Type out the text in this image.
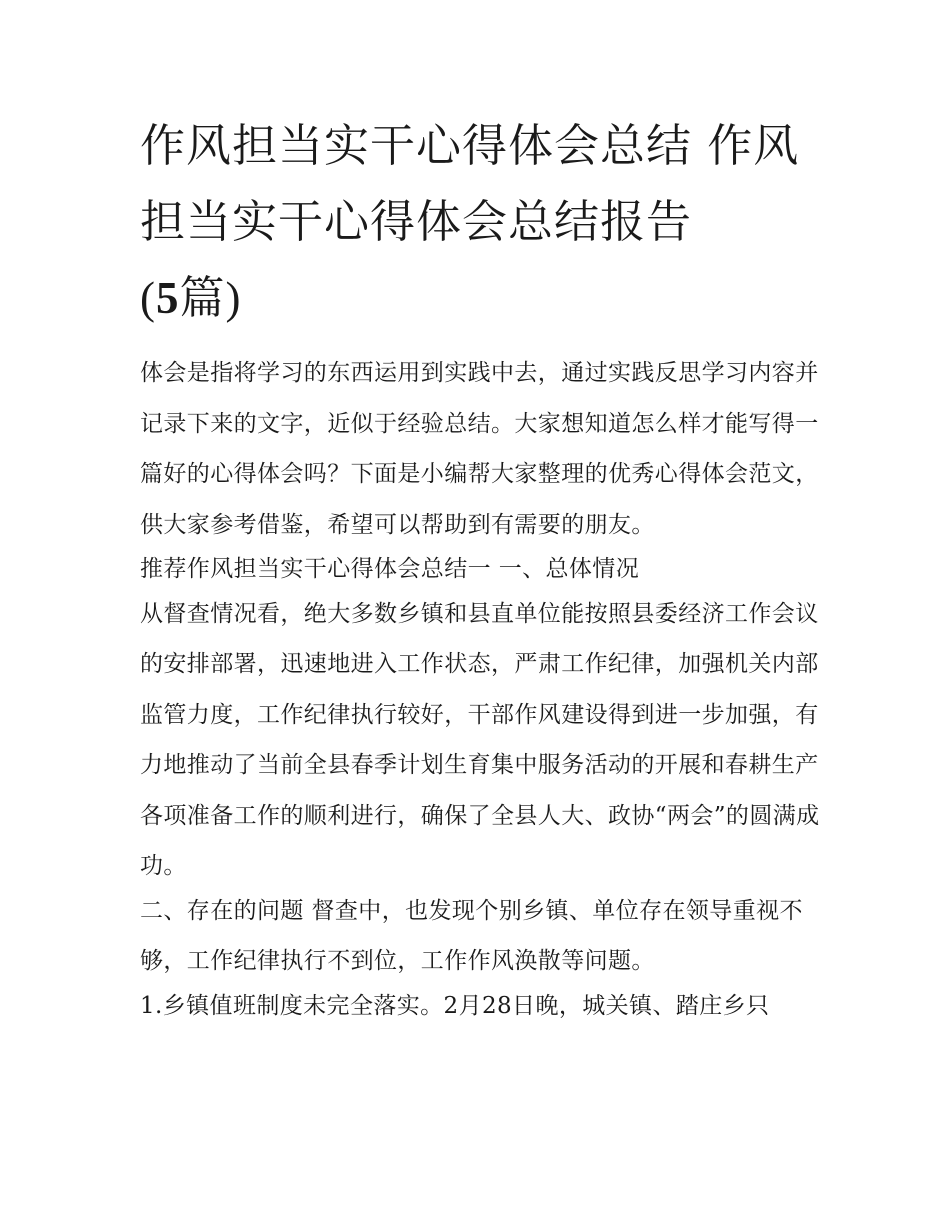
作风担当实干心得体会总结 作风担当实干心得体会总结报告
(5篇)

体会是指将学习的东西运用到实践中去，通过实践反思学习内容并记录下来的文字，近似于经验总结。大家想知道怎么样才能写得一篇好的心得体会吗？下面是小编帮大家整理的优秀心得体会范文，供大家参考借鉴，希望可以帮助到有需要的朋友。

推荐作风担当实干心得体会总结一 一、总体情况

从督查情况看，绝大多数乡镇和县直单位能按照县委经济工作会议的安排部署，迅速地进入工作状态，严肃工作纪律，加强机关内部监管力度，工作纪律执行较好，干部作风建设得到进一步加强，有力地推动了当前全县春季计划生育集中服务活动的开展和春耕生产各项准备工作的顺利进行，确保了全县人大、政协“两会”的圆满成功。

二、存在的问题 督查中，也发现个别乡镇、单位存在领导重视不够，工作纪律执行不到位，工作作风涣散等问题。

1.乡镇值班制度未完全落实。2月28日晚，城关镇、踏庄乡只
